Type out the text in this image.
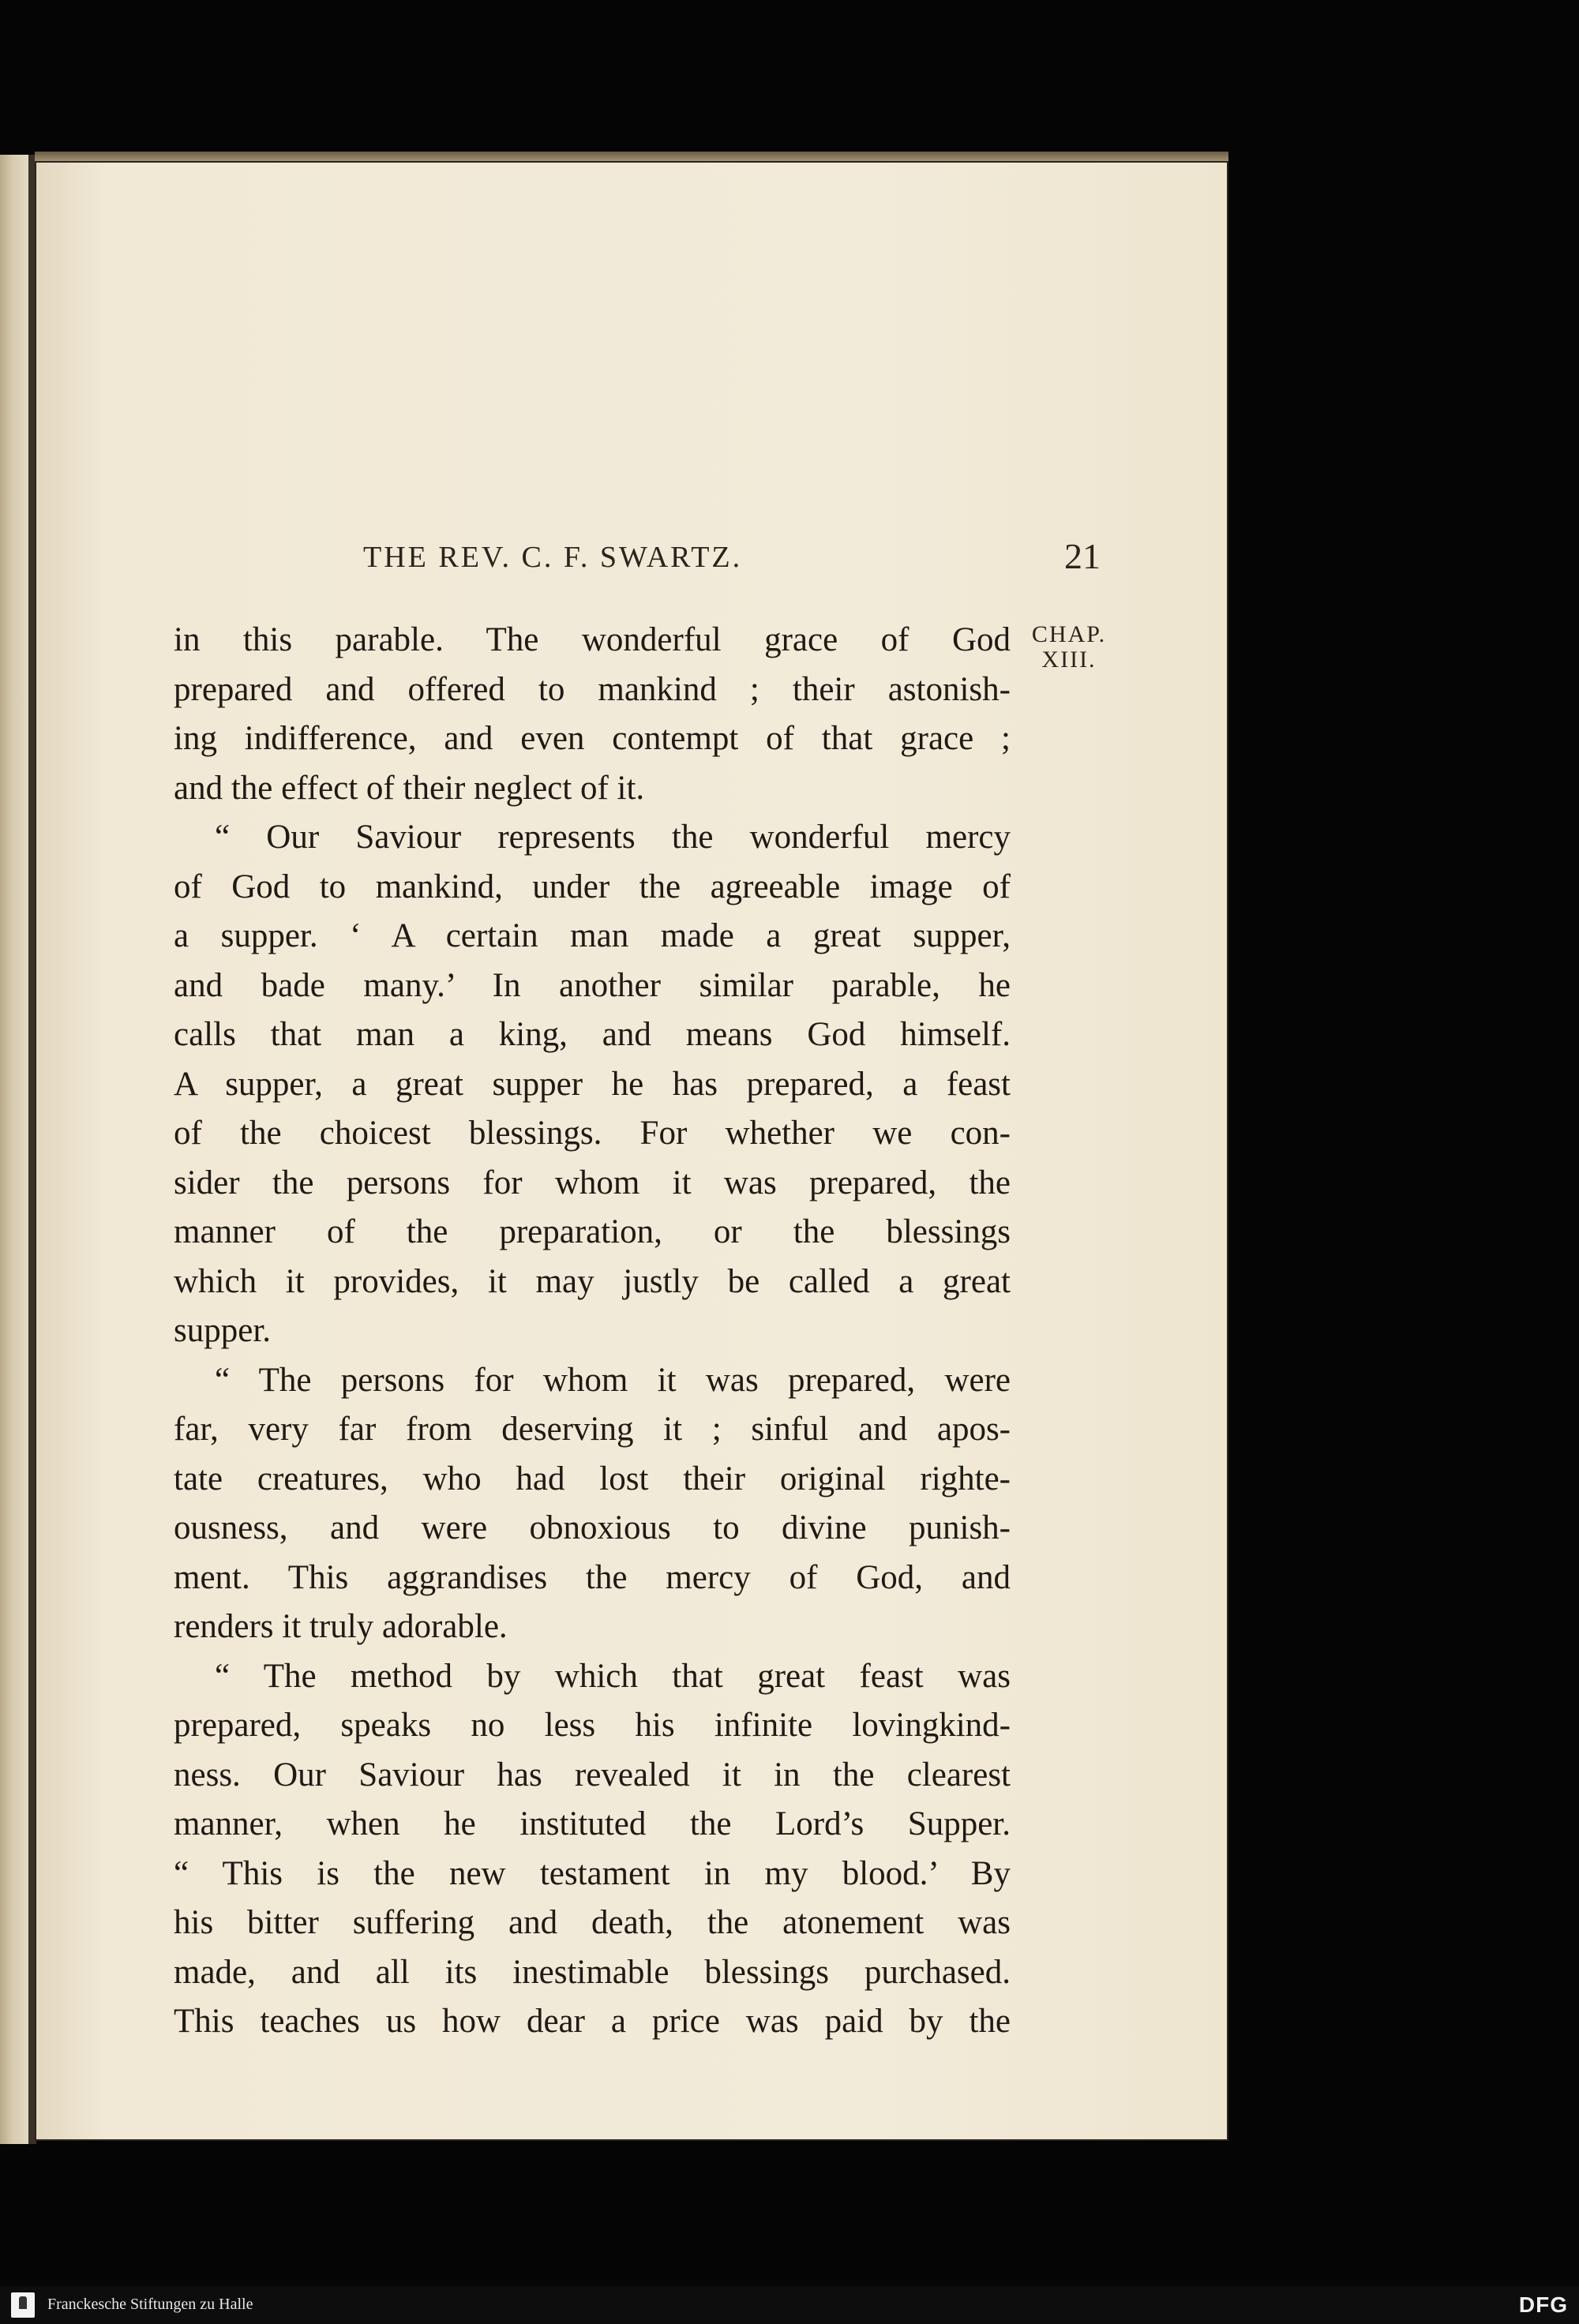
THE REV. C. F. SWARTZ.	21
CHAP.
XIII.
in this parable. The wonderful grace of God
prepared and offered to mankind ; their astonish-
ing indifference, and even contempt of that grace ;
and the effect of their neglect of it.
“ Our Saviour represents the wonderful mercy
of God to mankind, under the agreeable image of
a supper. ‘ A certain man made a great supper,
and bade many.’ In another similar parable, he
calls that man a king, and means God himself.
A supper, a great supper he has prepared, a feast
of the choicest blessings. For whether we con-
sider the persons for whom it was prepared, the
manner of the preparation, or the blessings
which it provides, it may justly be called a great
supper.
“ The persons for whom it was prepared, were
far, very far from deserving it ; sinful and apos-
tate creatures, who had lost their original righte-
ousness, and were obnoxious to divine punish-
ment. This aggrandises the mercy of God, and
renders it truly adorable.
“ The method by which that great feast was
prepared, speaks no less his infinite lovingkind-
ness. Our Saviour has revealed it in the clearest
manner, when he instituted the Lord’s Supper.
“ This is the new testament in my blood.’ By
his bitter suffering and death, the atonement was
made, and all its inestimable blessings purchased.
This teaches us how dear a price was paid by the
Franckesche Stiftungen zu Halle	DFG
